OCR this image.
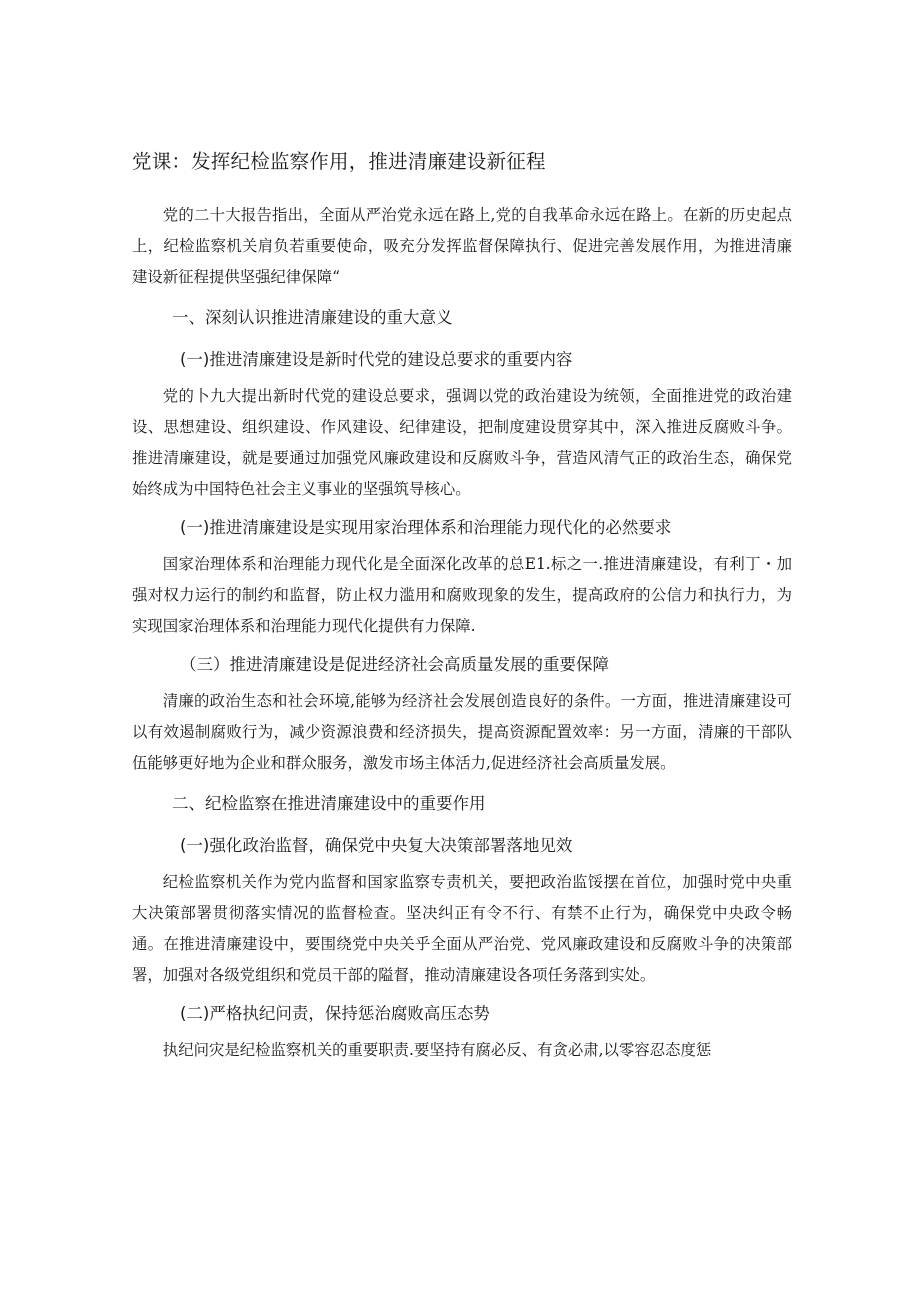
党课：发挥纪检监察作用，推进清廉建设新征程

党的二十大报告指出，全面从严治党永远在路上,党的自我革命永远在路上。在新的历史起点上，纪检监察机关肩负若重要使命，吸充分发挥监督保障执行、促进完善发展作用，为推进清廉建设新征程提供坚强纪律保障“

一、深刻认识推进清廉建设的重大意义
(一)推进清廉建设是新时代党的建设总要求的重要内容

党的卜九大提出新时代党的建设总要求，强调以党的政治建设为统领，全面推进党的政治建设、思想建设、组织建设、作风建设、纪律建设，把制度建设贯穿其中，深入推进反腐败斗争。推进清廉建设，就是要通过加强党风廉政建设和反腐败斗争，营造风清气正的政治生态，确保党始终成为中国特色社会主义事业的坚强筑导核心。

(一)推进清廉建设是实现用家治理体系和治理能力现代化的必然要求

国家治理体系和治理能力现代化是全面深化改革的总E1.标之一.推进清廉建设，有利丁・加强对权力运行的制约和监督，防止权力滥用和腐败现象的发生，提高政府的公信力和执行力，为实现国家治理体系和治理能力现代化提供有力保障.

（三）推进清廉建设是促进经济社会高质量发展的重要保障

清廉的政治生态和社会环境,能够为经济社会发展创造良好的条件。一方面，推进清廉建设可以有效遏制腐败行为，减少资源浪费和经济损失，提高资源配置效率：另一方面，清廉的干部队伍能够更好地为企业和群众服务，激发市场主体活力,促进经济社会高质量发展。

二、纪检监察在推进清廉建设中的重要作用
(一)强化政治监督，确保党中央复大决策部署落地见效

纪检监察机关作为党内监督和国家监察专责机关，要把政治监馁摆在首位，加强时党中央重大决策部署贯彻落实情况的监督检查。坚决纠正有令不行、有禁不止行为，确保党中央政令畅通。在推进清廉建设中，要围绕党中央关乎全面从严治党、党风廉政建设和反腐败斗争的决策部署，加强对各级党组织和党员干部的隘督，推动清廉建设各项任务落到实处。

(二)严格执纪问责，保持惩治腐败高压态势

执纪问灾是纪检监察机关的重要职责.要坚持有腐必反、有贪必肃,以零容忍态度惩
